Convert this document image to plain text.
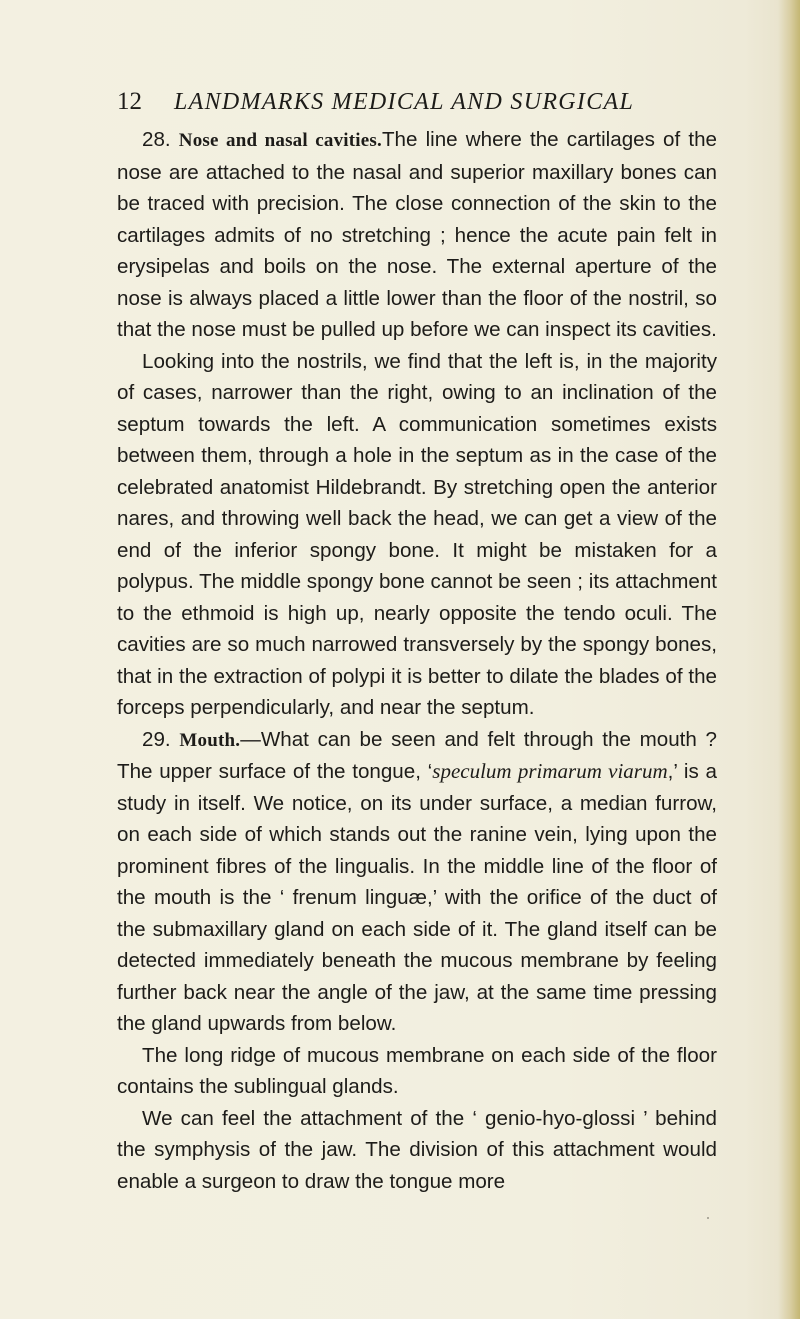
12 LANDMARKS MEDICAL AND SURGICAL

28. Nose and nasal cavities.The line where the cartilages of the nose are attached to the nasal and superior maxillary bones can be traced with precision. The close connection of the skin to the cartilages admits of no stretching ; hence the acute pain felt in erysipelas and boils on the nose. The external aperture of the nose is always placed a little lower than the floor of the nostril, so that the nose must be pulled up before we can inspect its cavities.

Looking into the nostrils, we find that the left is, in the majority of cases, narrower than the right, owing to an inclination of the septum towards the left. A communication sometimes exists between them, through a hole in the septum as in the case of the celebrated anatomist Hildebrandt. By stretching open the anterior nares, and throwing well back the head, we can get a view of the end of the inferior spongy bone. It might be mistaken for a polypus. The middle spongy bone cannot be seen ; its attachment to the ethmoid is high up, nearly opposite the tendo oculi. The cavities are so much narrowed transversely by the spongy bones, that in the extraction of polypi it is better to dilate the blades of the forceps perpendicularly, and near the septum.

29. Mouth.—What can be seen and felt through the mouth ? The upper surface of the tongue, ‘speculum primarum viarum,’ is a study in itself. We notice, on its under surface, a median furrow, on each side of which stands out the ranine vein, lying upon the prominent fibres of the lingualis. In the middle line of the floor of the mouth is the ‘ frenum linguæ,’ with the orifice of the duct of the submaxillary gland on each side of it. The gland itself can be detected immediately beneath the mucous membrane by feeling further back near the angle of the jaw, at the same time pressing the gland upwards from below.

The long ridge of mucous membrane on each side of the floor contains the sublingual glands.

We can feel the attachment of the ‘ genio-hyo-glossi ’ behind the symphysis of the jaw. The division of this attachment would enable a surgeon to draw the tongue more
